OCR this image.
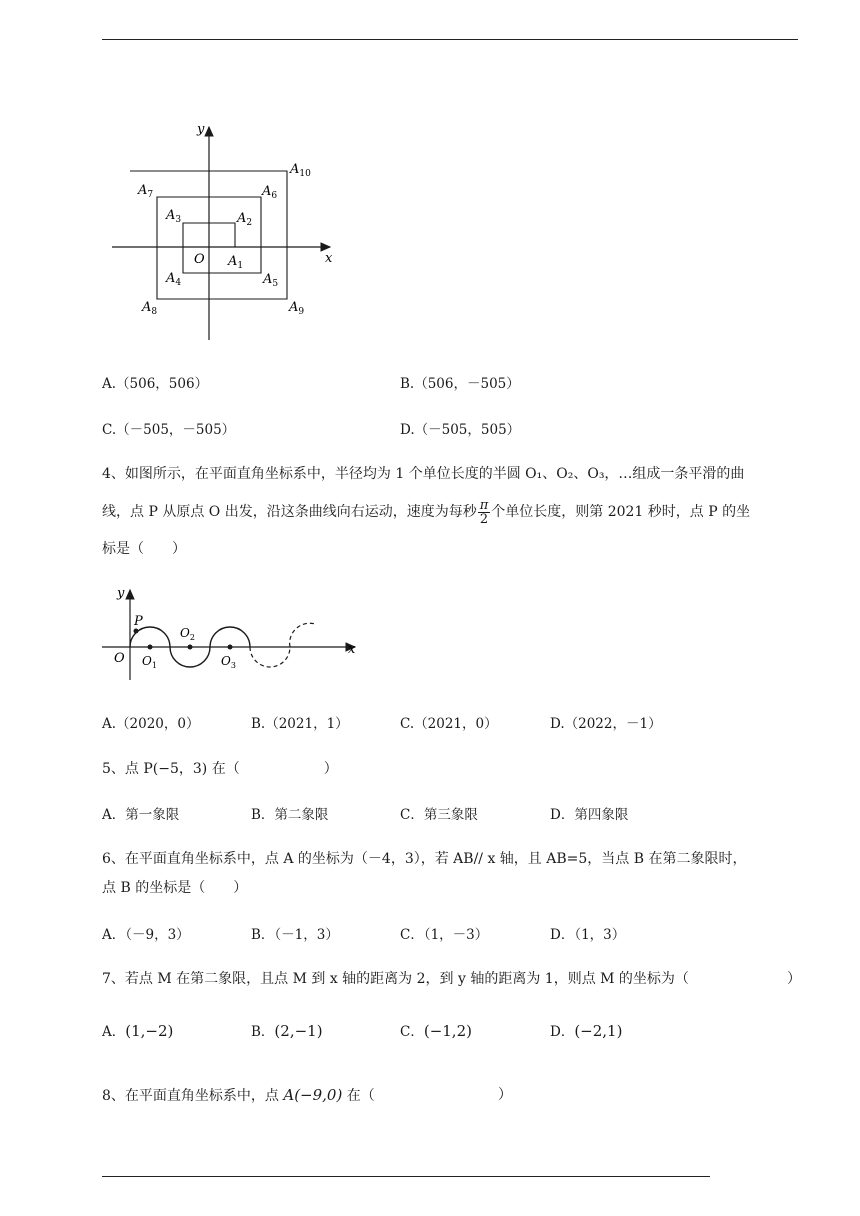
y
x
O $A_1$
$A_2$
$A_3$
$A_4$	$A_5$
$A_6$
$A_7$
$A_8$	$A_9$
$A_{10}$
A.（506，506）	B.（506，－505）
C.（－505，－505）	D.（－505，505）
4、如图所示，在平面直角坐标系中，半径均为 1 个单位长度的半圆 O₁、O₂、O₃，…组成一条平滑的曲
线，点 P 从原点 O 出发，沿这条曲线向右运动，速度为每秒 $\frac{\pi}{2}$ 个单位长度，则第 2021 秒时，点 P 的坐
标是（　　）
y
x
O
P
$O_1$
$O_2$
$O_3$
A.（2020，0）	B.（2021，1）	C.（2021，0）	D.（2022，－1）
5、点 P(−5，3) 在（　　　　　　）
A．第一象限	B．第二象限	C．第三象限	D．第四象限
6、在平面直角坐标系中，点 A 的坐标为（－4，3），若 AB// x 轴，且 AB=5，当点 B 在第二象限时，
点 B 的坐标是（　　）
A．（－9，3）	B．（－1，3）	C．（1，－3）	D．（1，3）
7、若点 M 在第二象限，且点 M 到 x 轴的距离为 2，到 y 轴的距离为 1，则点 M 的坐标为（	）
A．(1,−2)	B．(2,−1)	C．(−1,2)	D．(−2,1)
8、在平面直角坐标系中，点 A(−9,0) 在（	）
